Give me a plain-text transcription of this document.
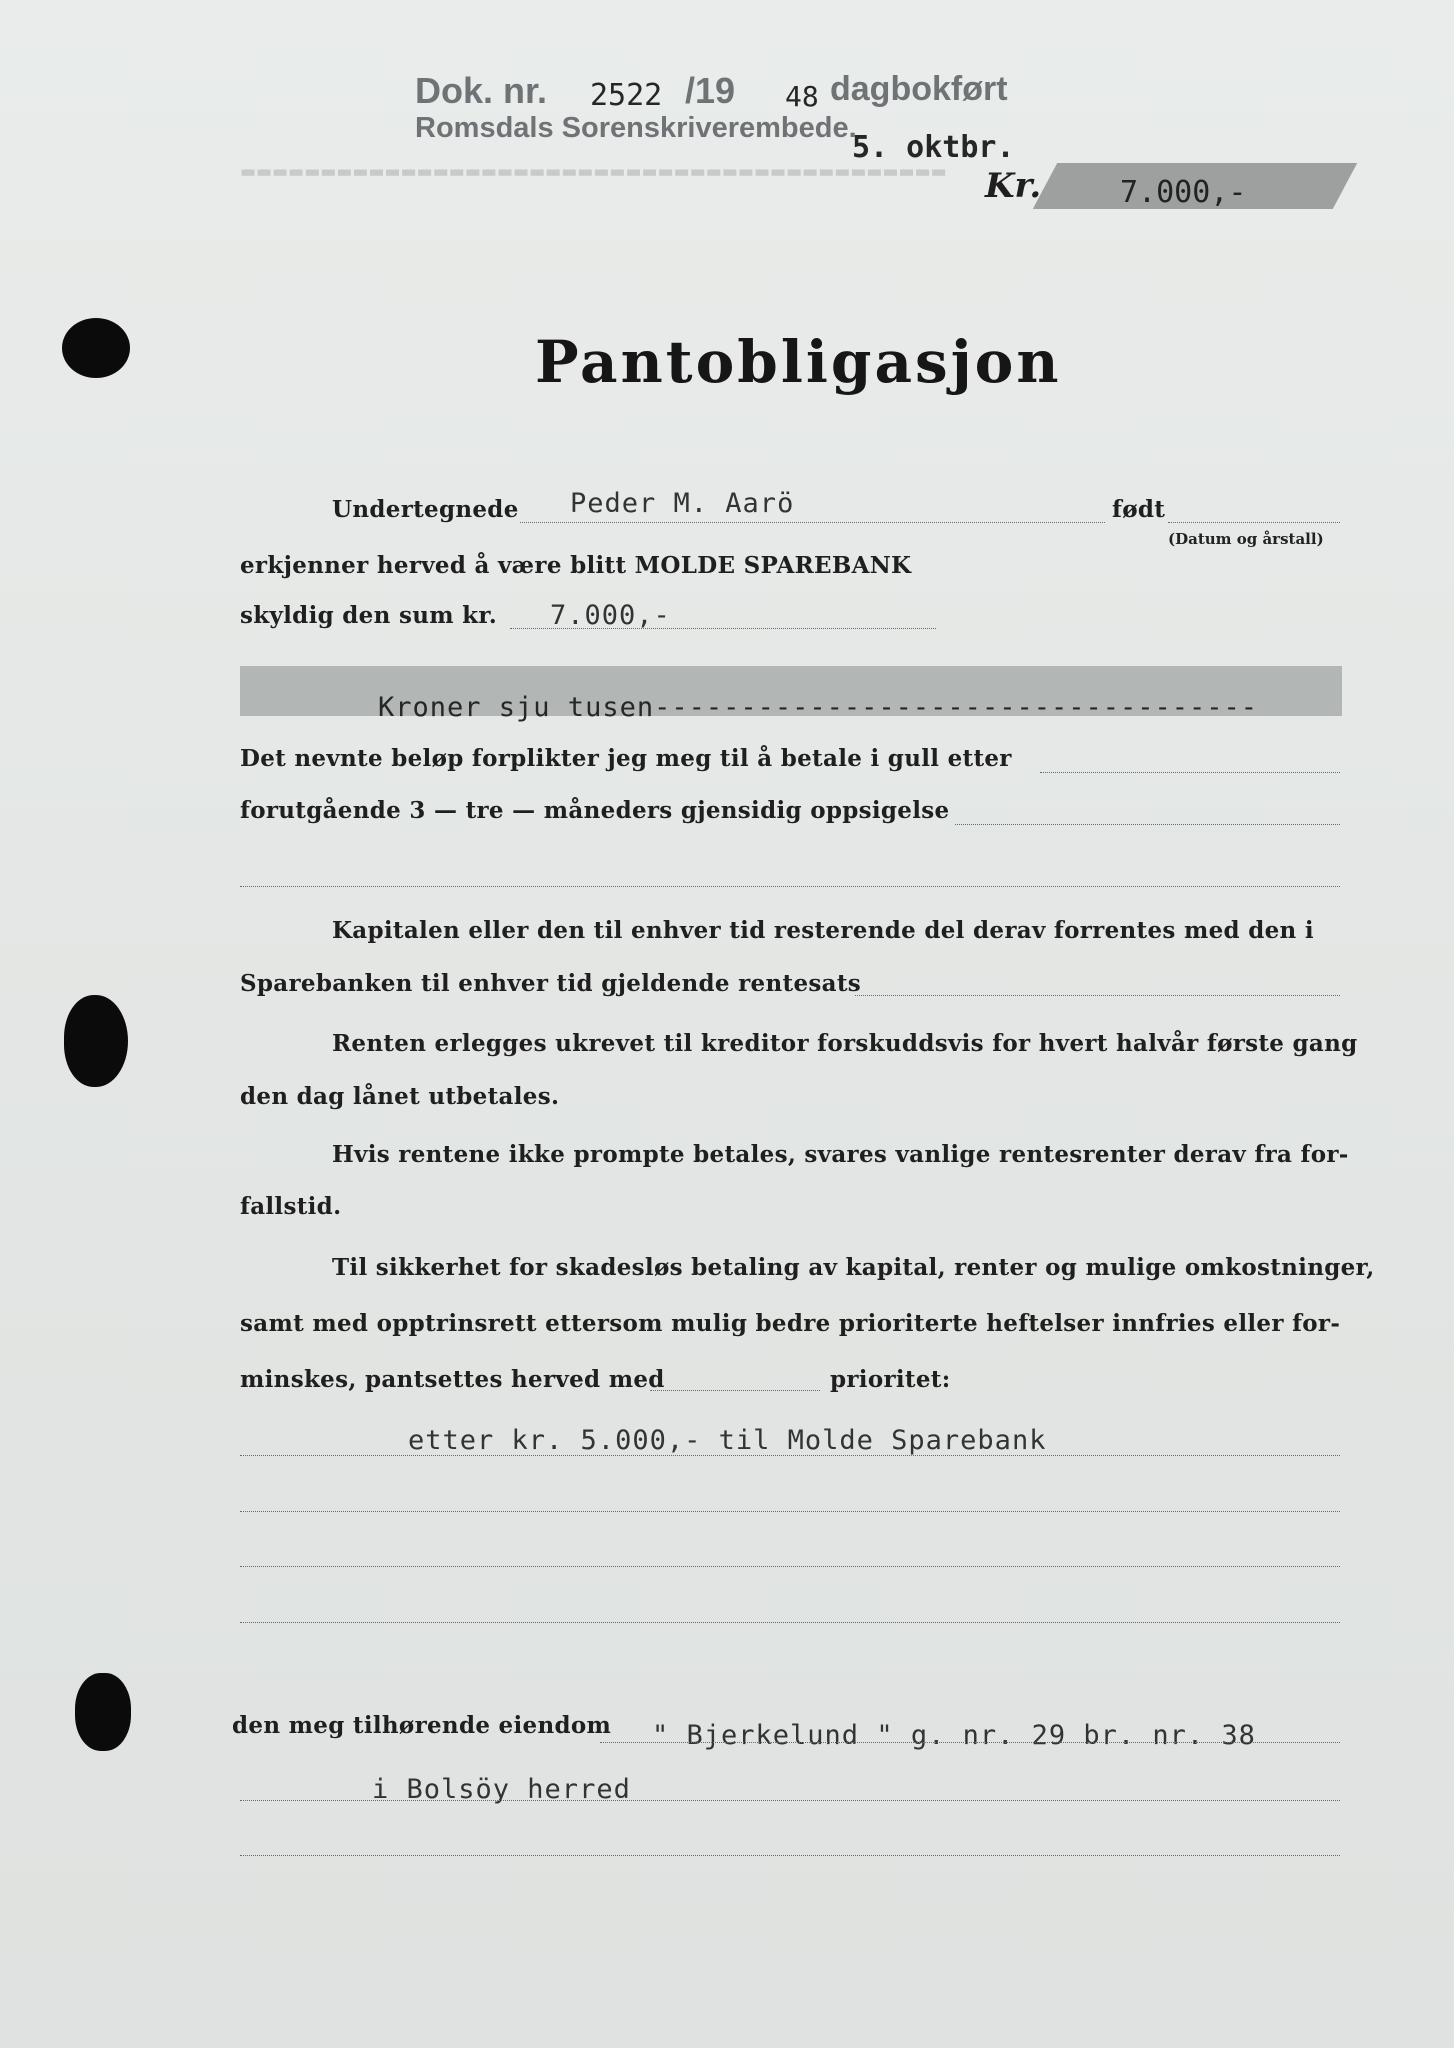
Dok. nr. 2522 /19 48 dagbokført
Romsdals Sorenskriverembede.
5. oktbr.
Kr.	7.000,-
▬▬▬▬▬▬▬▬▬▬▬▬▬▬▬▬▬▬▬▬▬▬▬▬▬▬▬▬▬▬▬▬▬▬▬▬▬▬▬▬▬▬▬▬
Pantobligasjon
Undertegnede Peder M. Aarö	født
(Datum og årstall)
erkjenner herved å være blitt MOLDE SPAREBANK
skyldig den sum kr. 7.000,-
Kroner sju tusen-----------------------------------
Det nevnte beløp forplikter jeg meg til å betale i gull etter
forutgående 3 — tre — måneders gjensidig oppsigelse
Kapitalen eller den til enhver tid resterende del derav forrentes med den i
Sparebanken til enhver tid gjeldende rentesats
Renten erlegges ukrevet til kreditor forskuddsvis for hvert halvår første gang
den dag lånet utbetales.
Hvis rentene ikke prompte betales, svares vanlige rentesrenter derav fra for-
fallstid.
Til sikkerhet for skadesløs betaling av kapital, renter og mulige omkostninger,
samt med opptrinsrett ettersom mulig bedre prioriterte heftelser innfries eller for-
minskes, pantsettes herved med	prioritet:
etter kr. 5.000,- til Molde Sparebank
den meg tilhørende eiendom " Bjerkelund " g. nr. 29 br. nr. 38
i Bolsöy herred
